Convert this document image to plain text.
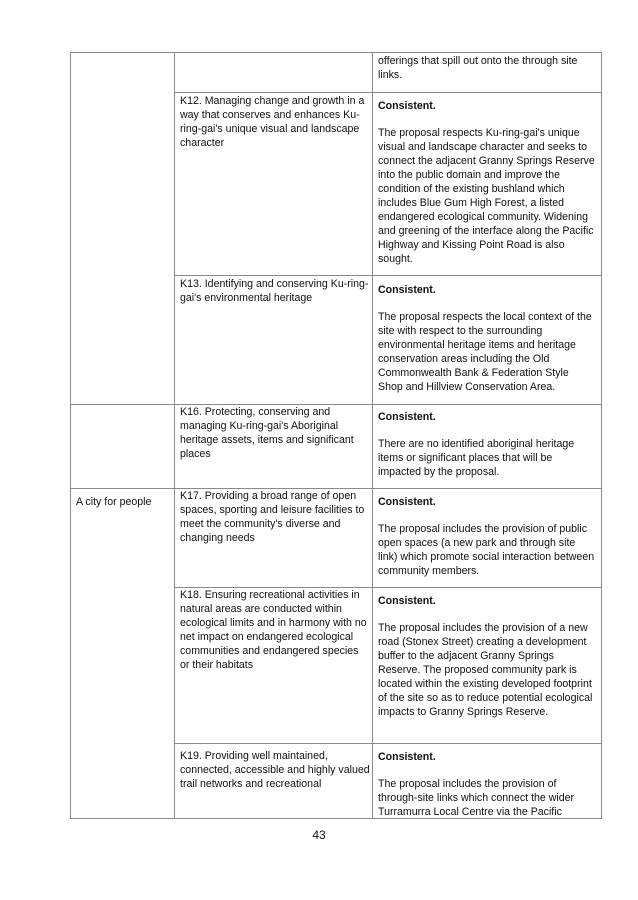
offerings that spill out onto the through site links.

K12. Managing change and growth in a way that conserves and enhances Ku-ring-gai's unique visual and landscape character

Consistent.

The proposal respects Ku-ring-gai's unique visual and landscape character and seeks to connect the adjacent Granny Springs Reserve into the public domain and improve the condition of the existing bushland which includes Blue Gum High Forest, a listed endangered ecological community. Widening and greening of the interface along the Pacific Highway and Kissing Point Road is also sought.

K13. Identifying and conserving Ku-ring-gai's environmental heritage

Consistent.

The proposal respects the local context of the site with respect to the surrounding environmental heritage items and heritage conservation areas including the Old Commonwealth Bank & Federation Style Shop and Hillview Conservation Area.

K16. Protecting, conserving and managing Ku-ring-gai's Aboriginal heritage assets, items and significant places

Consistent.

There are no identified aboriginal heritage items or significant places that will be impacted by the proposal.

A city for people	K17. Providing a broad range of open spaces, sporting and leisure facilities to meet the community's diverse and changing needs

Consistent.

The proposal includes the provision of public open spaces (a new park and through site link) which promote social interaction between community members.

K18. Ensuring recreational activities in natural areas are conducted within ecological limits and in harmony with no net impact on endangered ecological communities and endangered species or their habitats

Consistent.

The proposal includes the provision of a new road (Stonex Street) creating a development buffer to the adjacent Granny Springs Reserve. The proposed community park is located within the existing developed footprint of the site so as to reduce potential ecological impacts to Granny Springs Reserve.

K19. Providing well maintained, connected, accessible and highly valued trail networks and recreational

Consistent.

The proposal includes the provision of through-site links which connect the wider Turramurra Local Centre via the Pacific

43
